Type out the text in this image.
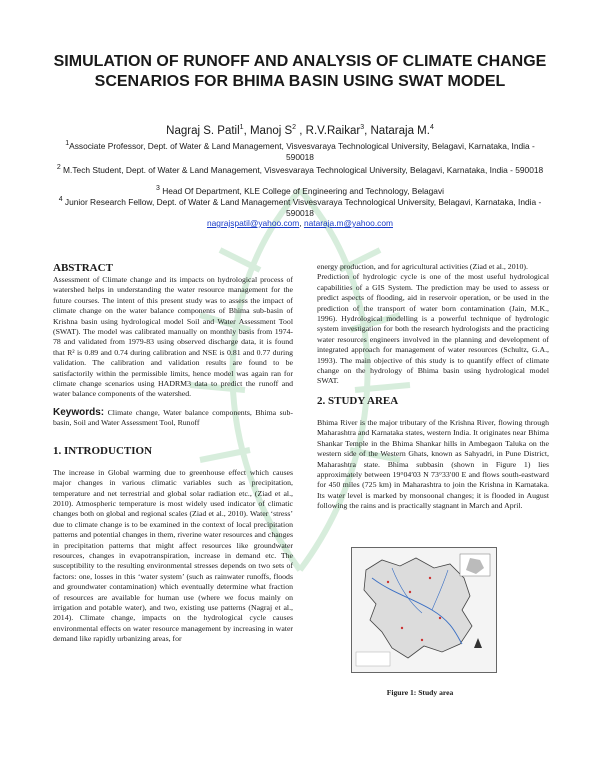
SIMULATION OF RUNOFF AND ANALYSIS OF CLIMATE CHANGE SCENARIOS FOR BHIMA BASIN USING SWAT MODEL
Nagraj S. Patil$^1$, Manoj $S^2$ , R.V.Raikar$^3$, Nataraja M.$^4$
$^1$Associate Professor, Dept. of Water & Land Management, Visvesvaraya Technological University, Belagavi, Karnataka, India - 590018
$^2$ M.Tech Student, Dept. of Water & Land Management, Visvesvaraya Technological University, Belagavi, Karnataka, India - 590018
$^3$ Head Of Department, KLE College of Engineering and Technology, Belagavi
$^4$ Junior Research Fellow, Dept. of Water & Land Management Visvesvaraya Technological University, Belagavi, Karnataka, India - 590018
nagrajspatil@yahoo.com, nataraja.m@yahoo.com
ABSTRACT

Assessment of Climate change and its impacts on hydrological process of watershed helps in understanding the water resource management for the future courses. The intent of this present study was to assess the impact of climate change on the water balance components of Bhima sub-basin of Krishna basin using hydrological model Soil and Water Assessment Tool (SWAT). The model was calibrated manually on monthly basis from 1974-78 and validated from 1979-83 using observed discharge data, it is found that R² is 0.89 and 0.74 during calibration and NSE is 0.81 and 0.77 during validation. The calibration and validation results are found to be satisfactorily within the permissible limits, hence model was again ran for climate change scenarios using HADRM3 data to predict the runoff and water balance components of the watershed.

Keywords: Climate change, Water balance components, Bhima sub-basin, Soil and Water Assessment Tool, Runoff
1. INTRODUCTION

The increase in Global warming due to greenhouse effect which causes major changes in various climatic variables such as precipitation, temperature and net terrestrial and global solar radiation etc., (Ziad et al., 2010). Atmospheric temperature is most widely used indicator of climatic changes both on global and regional scales (Ziad et al., 2010). Water ‘stress’ due to climate change is to be examined in the context of local precipitation patterns and potential changes in them, riverine water resources and changes in precipitation patterns that might affect resources like groundwater resources, changes in evapotranspiration, increase in demand etc. The susceptibility to the resulting environmental stresses depends on two sets of factors: one, losses in this ‘water system’ (such as rainwater runoffs, floods and groundwater contamination) which eventually determine what fraction of resources are available for human use (where we focus mainly on irrigation and potable water), and two, existing use patterns (Nagraj et al., 2014). Climate change, impacts on the hydrological cycle causes environmental effects on water resource management by increasing in water demand like rapidly urbanizing areas, for

energy production, and for agricultural activities (Ziad et al., 2010).

Prediction of hydrologic cycle is one of the most useful hydrological capabilities of a GIS System. The prediction may be used to assess or predict aspects of flooding, aid in reservoir operation, or be used in the prediction of the transport of water born contamination (Jain, M.K., 1996). Hydrological modelling is a powerful technique of hydrologic system investigation for both the research hydrologists and the practicing water resources engineers involved in the planning and development of integrated approach for management of water resources (Schultz, G.A., 1993). The main objective of this study is to quantify effect of climate change on the hydrology of Bhima basin using hydrological model SWAT.

2. STUDY AREA

Bhima River is the major tributary of the Krishna River, flowing through Maharashtra and Karnataka states, western India. It originates near Bhima Shankar Temple in the Bhima Shankar hills in Ambegaon Taluka on the western side of the Western Ghats, known as Sahyadri, in Pune District, Maharashtra state. Bhima subbasin (shown in Figure 1) lies approximately between 19°04′03 N 73°33′00 E and flows south-eastward for 450 miles (725 km) in Maharashtra to join the Krishna in Karnataka. Its water level is marked by monsoonal changes; it is flooded in August following the rains and is practically stagnant in March and April.

Figure 1: Study area
